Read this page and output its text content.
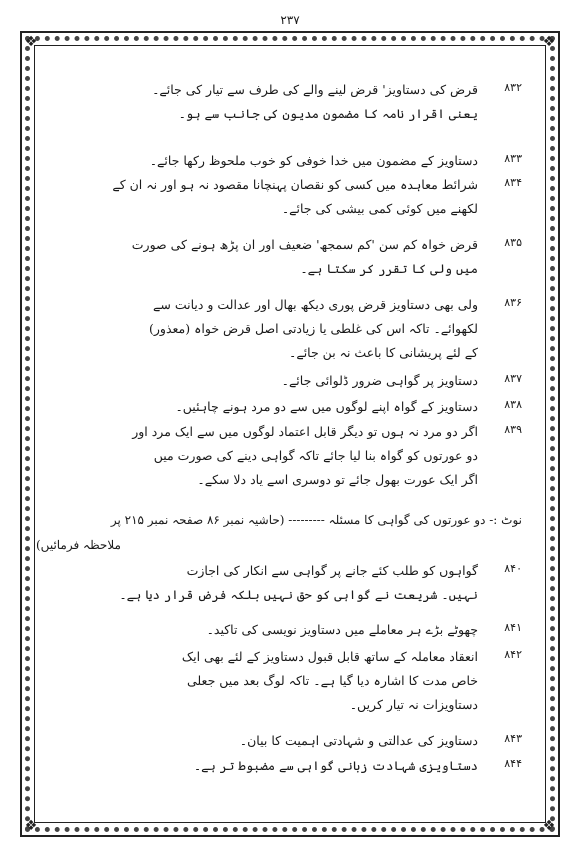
۲۳۷
❖	❖
❖	❖
۸۳۲
قرض کی دستاویز' قرض لینے والے کی طرف سے تیار کی جائے۔
یعنی اقرار نامہ کا مضمون مدیون کی جانب سے ہو۔
۸۳۳
دستاویز کے مضمون میں خدا خوفی کو خوب ملحوظ رکھا جائے۔
۸۳۴
شرائط معاہدہ میں کسی کو نقصان پہنچانا مقصود نہ ہو اور نہ ان کے
لکھنے میں کوئی کمی بیشی کی جائے۔
۸۳۵
قرض خواہ کم سن 'کم سمجھ' ضعیف اور ان پڑھ ہونے کی صورت
میں ولی کا تقرر کر سکتا ہے۔
۸۳۶
ولی بھی دستاویز قرض پوری دیکھ بھال اور عدالت و دیانت سے
لکھوائے۔ تاکہ اس کی غلطی یا زیادتی اصل قرض خواہ (معذور)
کے لئے پریشانی کا باعث نہ بن جائے۔
۸۳۷
دستاویز پر گواہی ضرور ڈلوائی جائے۔
۸۳۸
دستاویز کے گواہ اپنے لوگوں میں سے دو مرد ہونے چاہئیں۔
۸۳۹
اگر دو مرد نہ ہوں تو دیگر قابل اعتماد لوگوں میں سے ایک مرد اور
دو عورتوں کو گواہ بنا لیا جائے تاکہ گواہی دینے کی صورت میں
اگر ایک عورت بھول جائے تو دوسری اسے یاد دلا سکے۔
نوٹ :- دو عورتوں کی گواہی کا مسئلہ --------- (حاشیہ نمبر ۸۶ صفحہ نمبر ۲۱۵ پر
ملاحظہ فرمائیں)
۸۴۰
گواہوں کو طلب کئے جانے پر گواہی سے انکار کی اجازت
نہیں۔ شریعت نے گواہی کو حق نہیں بلکہ فرض قرار دیا ہے۔
۸۴۱
چھوٹے بڑے ہر معاملے میں دستاویز نویسی کی تاکید۔
۸۴۲
انعقاد معاملہ کے ساتھ قابل قبول دستاویز کے لئے بھی ایک
خاص مدت کا اشارہ دیا گیا ہے۔ تاکہ لوگ بعد میں جعلی
دستاویزات نہ تیار کریں۔
۸۴۳
دستاویز کی عدالتی و شہادتی اہمیت کا بیان۔
۸۴۴
دستاویزی شہادت زبانی گواہی سے مضبوط تر ہے۔
